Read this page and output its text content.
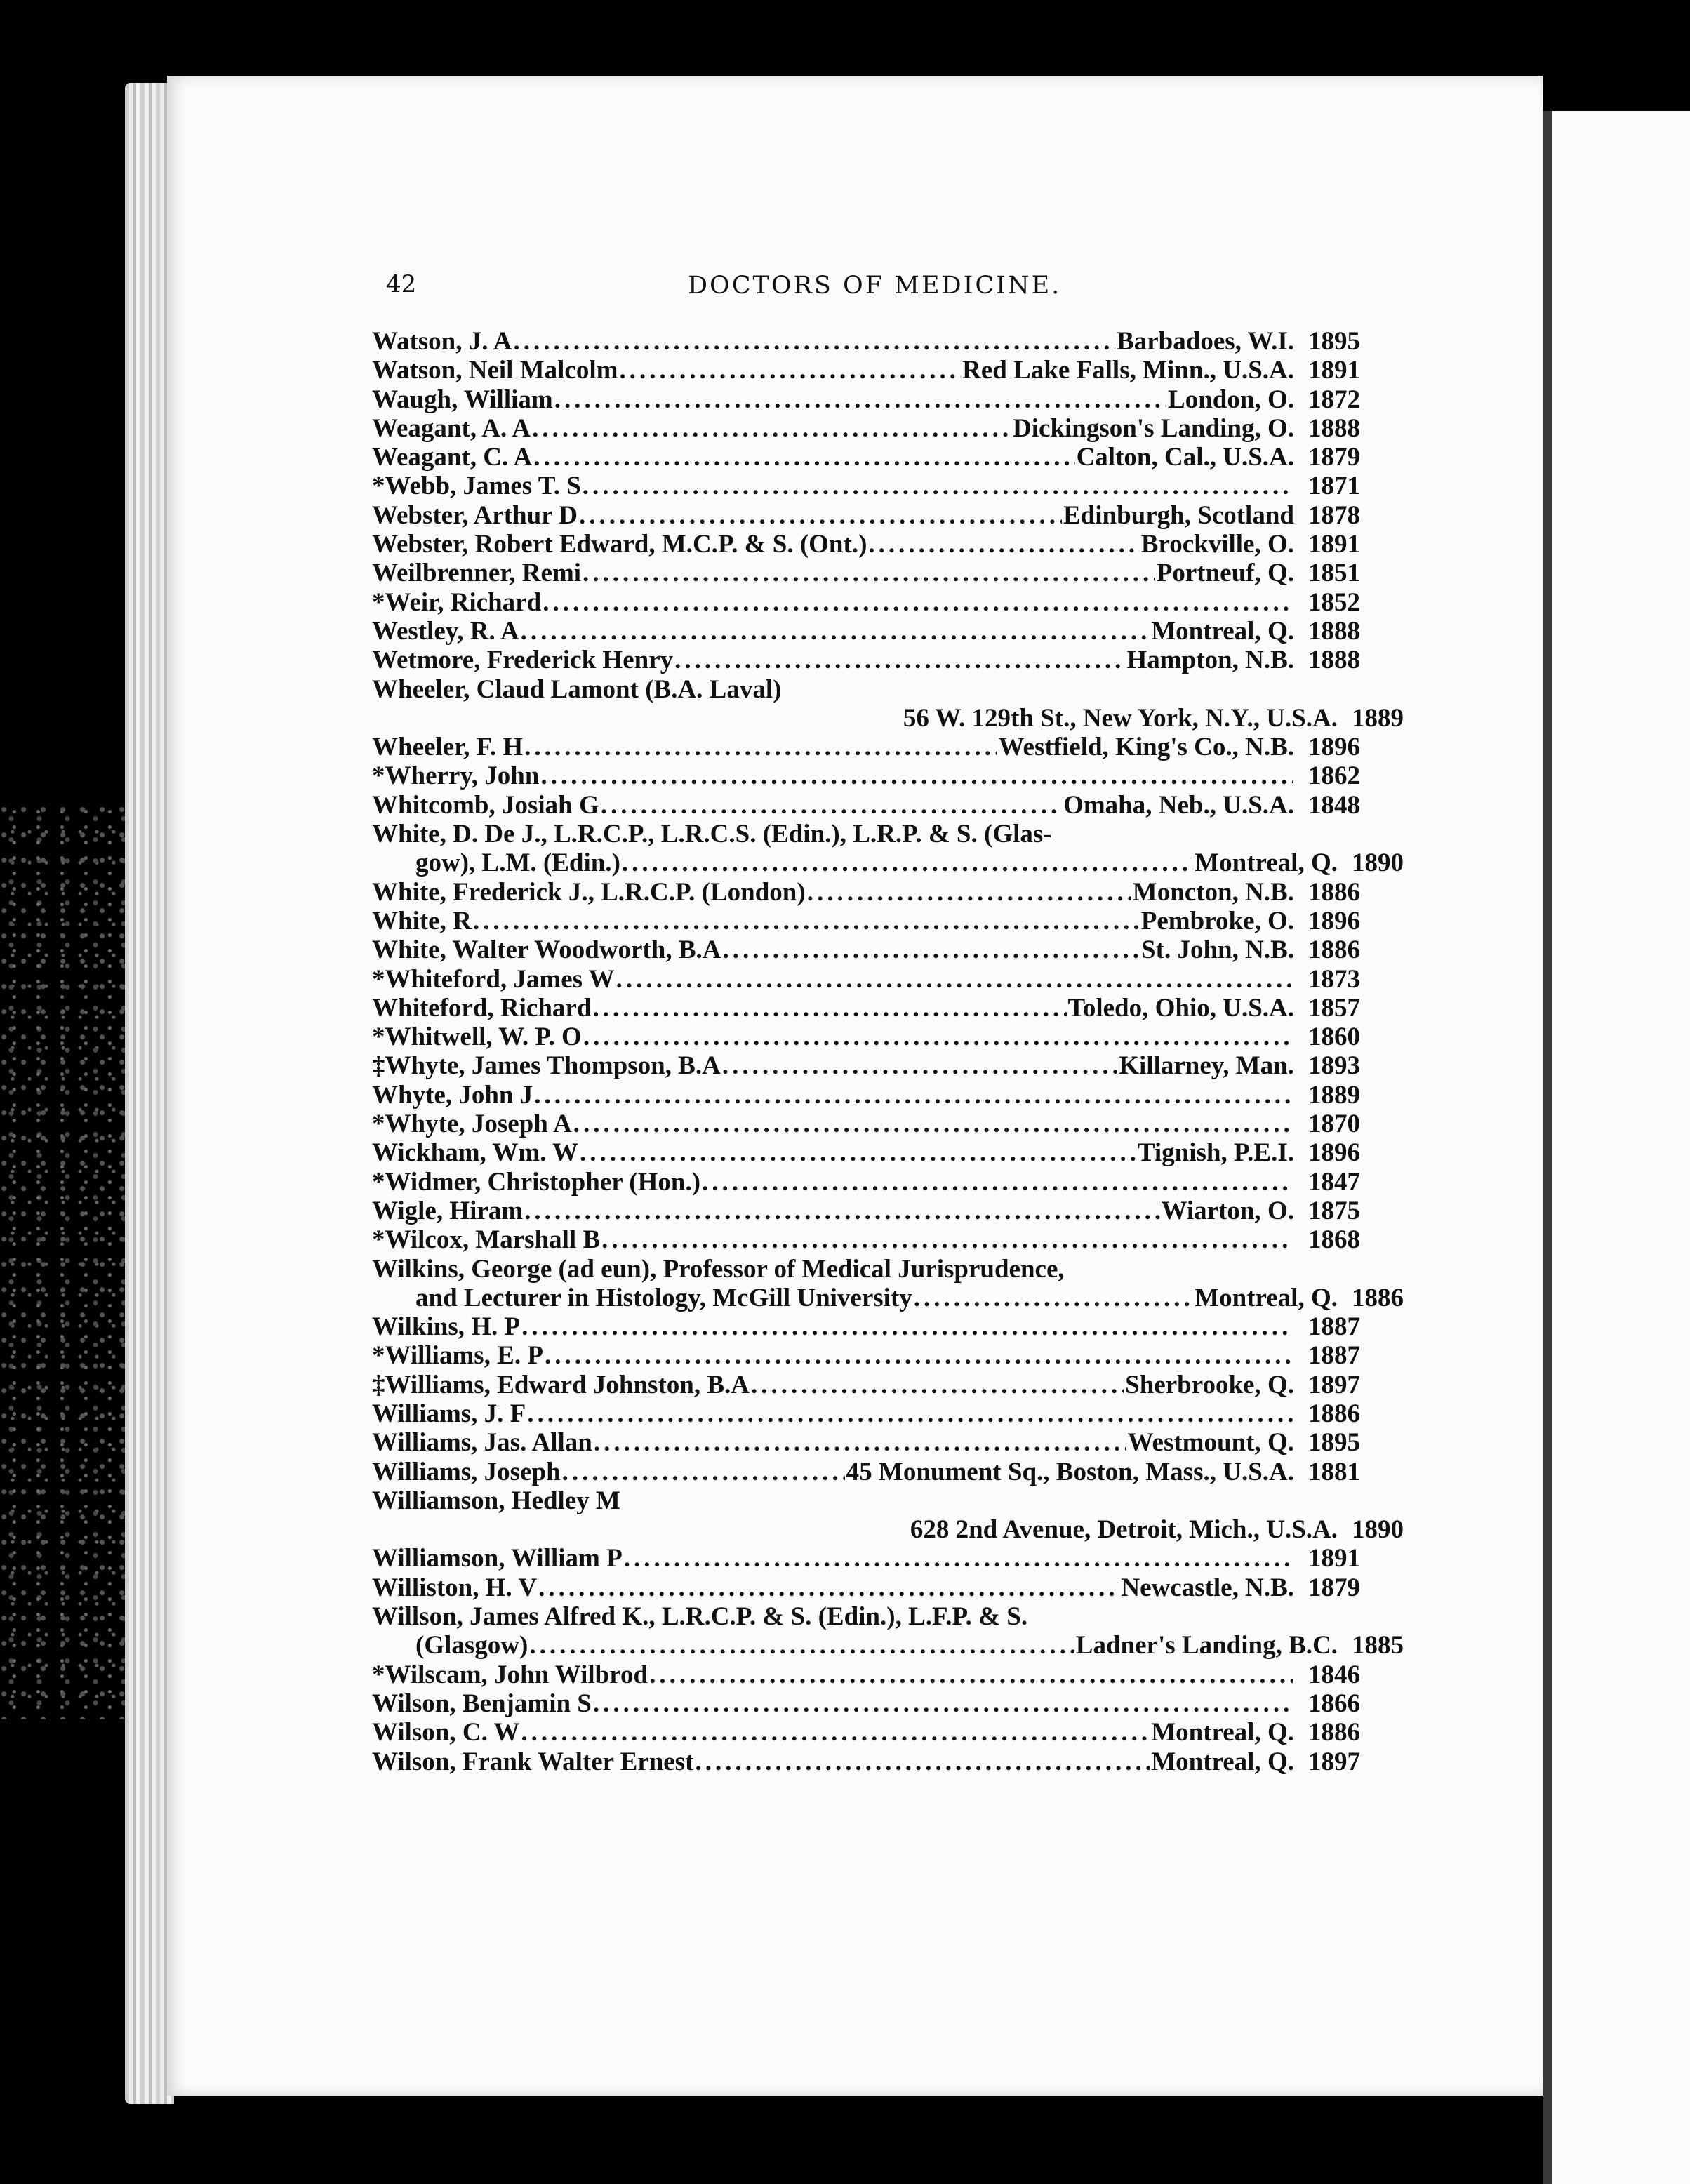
42	DOCTORS OF MEDICINE.
Watson, J. A .....	Barbadoes, W.I. 1895
Watson, Neil Malcolm .....	Red Lake Falls, Minn., U.S.A. 1891
Waugh, William .....	London, O. 1872
Weagant, A. A .....	Dickingson's Landing, O. 1888
Weagant, C. A .....	Calton, Cal., U.S.A. 1879
*Webb, James T. S .....	1871
Webster, Arthur D .....	Edinburgh, Scotland 1878
Webster, Robert Edward, M.C.P. & S. (Ont.) .....	Brockville, O. 1891
Weilbrenner, Remi .....	Portneuf, Q. 1851
*Weir, Richard .....	1852
Westley, R. A .....	Montreal, Q. 1888
Wetmore, Frederick Henry .....	Hampton, N.B. 1888
Wheeler, Claud Lamont (B.A. Laval)
56 W. 129th St., New York, N.Y., U.S.A. 1889
Wheeler, F. H .....	Westfield, King's Co., N.B. 1896
*Wherry, John .....	1862
Whitcomb, Josiah G .....	Omaha, Neb., U.S.A. 1848
White, D. De J., L.R.C.P., L.R.C.S. (Edin.), L.R.P. & S. (Glas-
gow), L.M. (Edin.) .....	Montreal, Q. 1890
White, Frederick J., L.R.C.P. (London) .....	Moncton, N.B. 1886
White, R .....	Pembroke, O. 1896
White, Walter Woodworth, B.A .....	St. John, N.B. 1886
*Whiteford, James W .....	1873
Whiteford, Richard .....	Toledo, Ohio, U.S.A. 1857
*Whitwell, W. P. O .....	1860
‡Whyte, James Thompson, B.A .....	Killarney, Man. 1893
Whyte, John J .....	1889
*Whyte, Joseph A .....	1870
Wickham, Wm. W .....	Tignish, P.E.I. 1896
*Widmer, Christopher (Hon.) .....	1847
Wigle, Hiram .....	Wiarton, O. 1875
*Wilcox, Marshall B .....	1868
Wilkins, George (ad eun), Professor of Medical Jurisprudence,
and Lecturer in Histology, McGill University .....	Montreal, Q. 1886
Wilkins, H. P .....	1887
*Williams, E. P .....	1887
‡Williams, Edward Johnston, B.A .....	Sherbrooke, Q. 1897
Williams, J. F .....	1886
Williams, Jas. Allan .....	Westmount, Q. 1895
Williams, Joseph .....	45 Monument Sq., Boston, Mass., U.S.A. 1881
Williamson, Hedley M
628 2nd Avenue, Detroit, Mich., U.S.A. 1890
Williamson, William P .....	1891
Williston, H. V .....	Newcastle, N.B. 1879
Willson, James Alfred K., L.R.C.P. & S. (Edin.), L.F.P. & S.
(Glasgow) .....	Ladner's Landing, B.C. 1885
*Wilscam, John Wilbrod .....	1846
Wilson, Benjamin S .....	1866
Wilson, C. W .....	Montreal, Q. 1886
Wilson, Frank Walter Ernest .....	Montreal, Q. 1897
